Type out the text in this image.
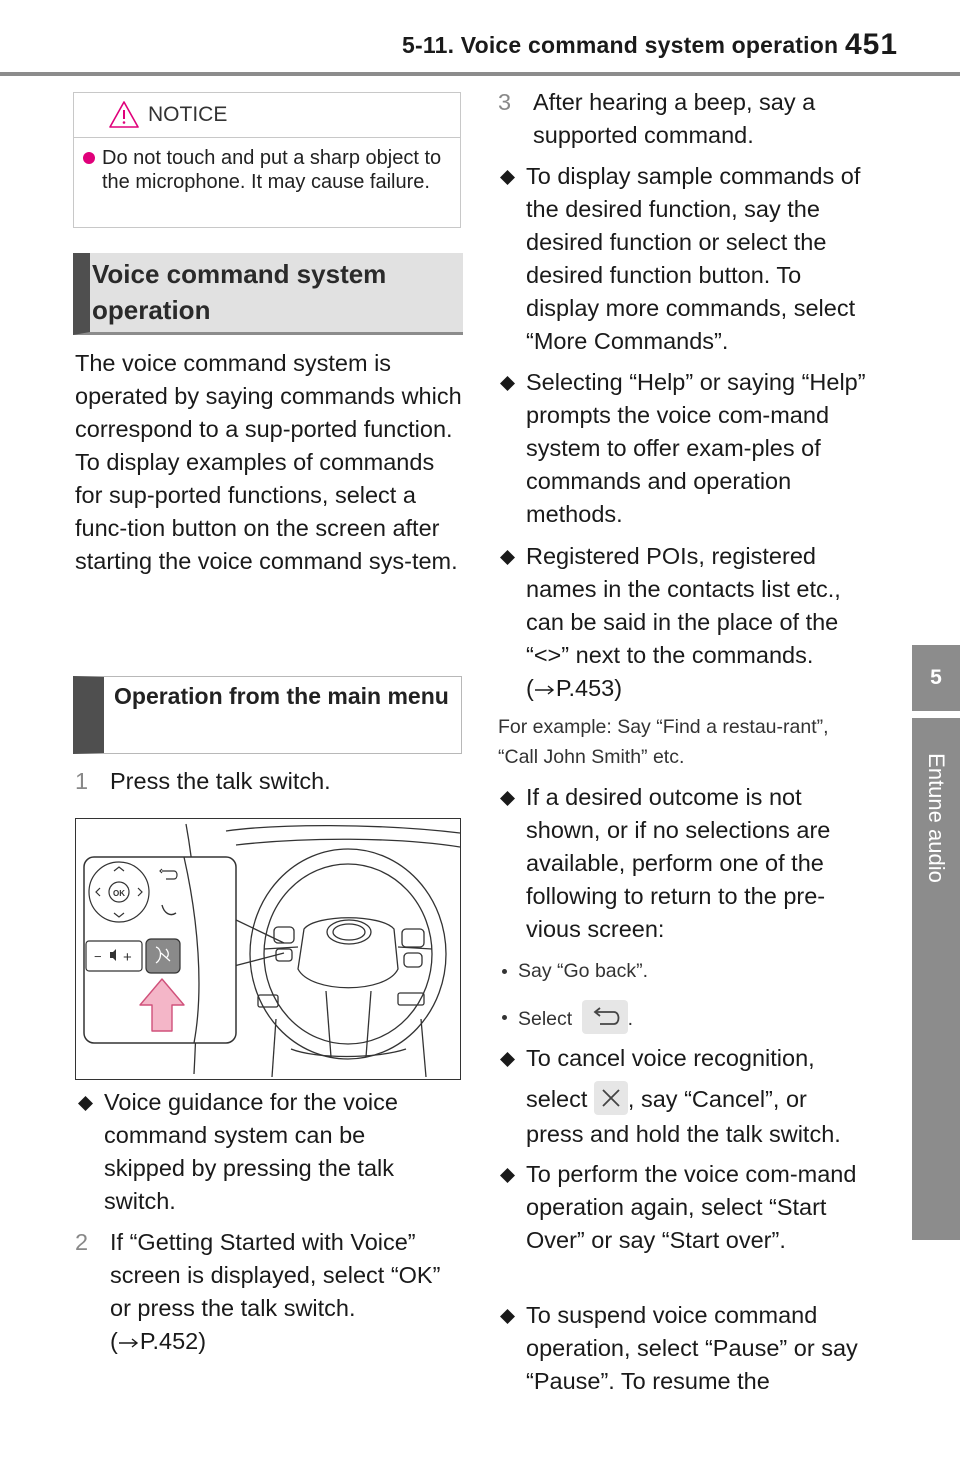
5-11. Voice command system operation 451
5
Entune audio
NOTICE
Do not touch and put a sharp object to the microphone. It may cause failure.
Voice command system operation
The voice command system is operated by saying commands which correspond to a sup-ported function. To display examples of commands for sup-ported functions, select a func-tion button on the screen after starting the voice command sys-tem.
Operation from the main menu
1 Press the talk switch.
OK
− +
Voice guidance for the voice command system can be skipped by pressing the talk switch.
2 If “Getting Started with Voice” screen is displayed, select “OK” or press the talk switch.
( P.452)
3 After hearing a beep, say a supported command.
To display sample commands of the desired function, say the desired function or select the desired function button. To display more commands, select “More Commands”.
Selecting “Help” or saying “Help” prompts the voice com-mand system to offer exam-ples of commands and operation methods.
Registered POIs, registered names in the contacts list etc., can be said in the place of the “<>” next to the commands.
( P.453)
For example: Say “Find a restau-rant”, “Call John Smith” etc.
If a desired outcome is not shown, or if no selections are available, perform one of the following to return to the pre-vious screen:
Say “Go back”.
Select	.
To cancel voice recognition,
select , say “Cancel”, or
press and hold the talk switch.
To perform the voice com-mand operation again, select “Start Over” or say “Start over”.
To suspend voice command operation, select “Pause” or say “Pause”. To resume the
